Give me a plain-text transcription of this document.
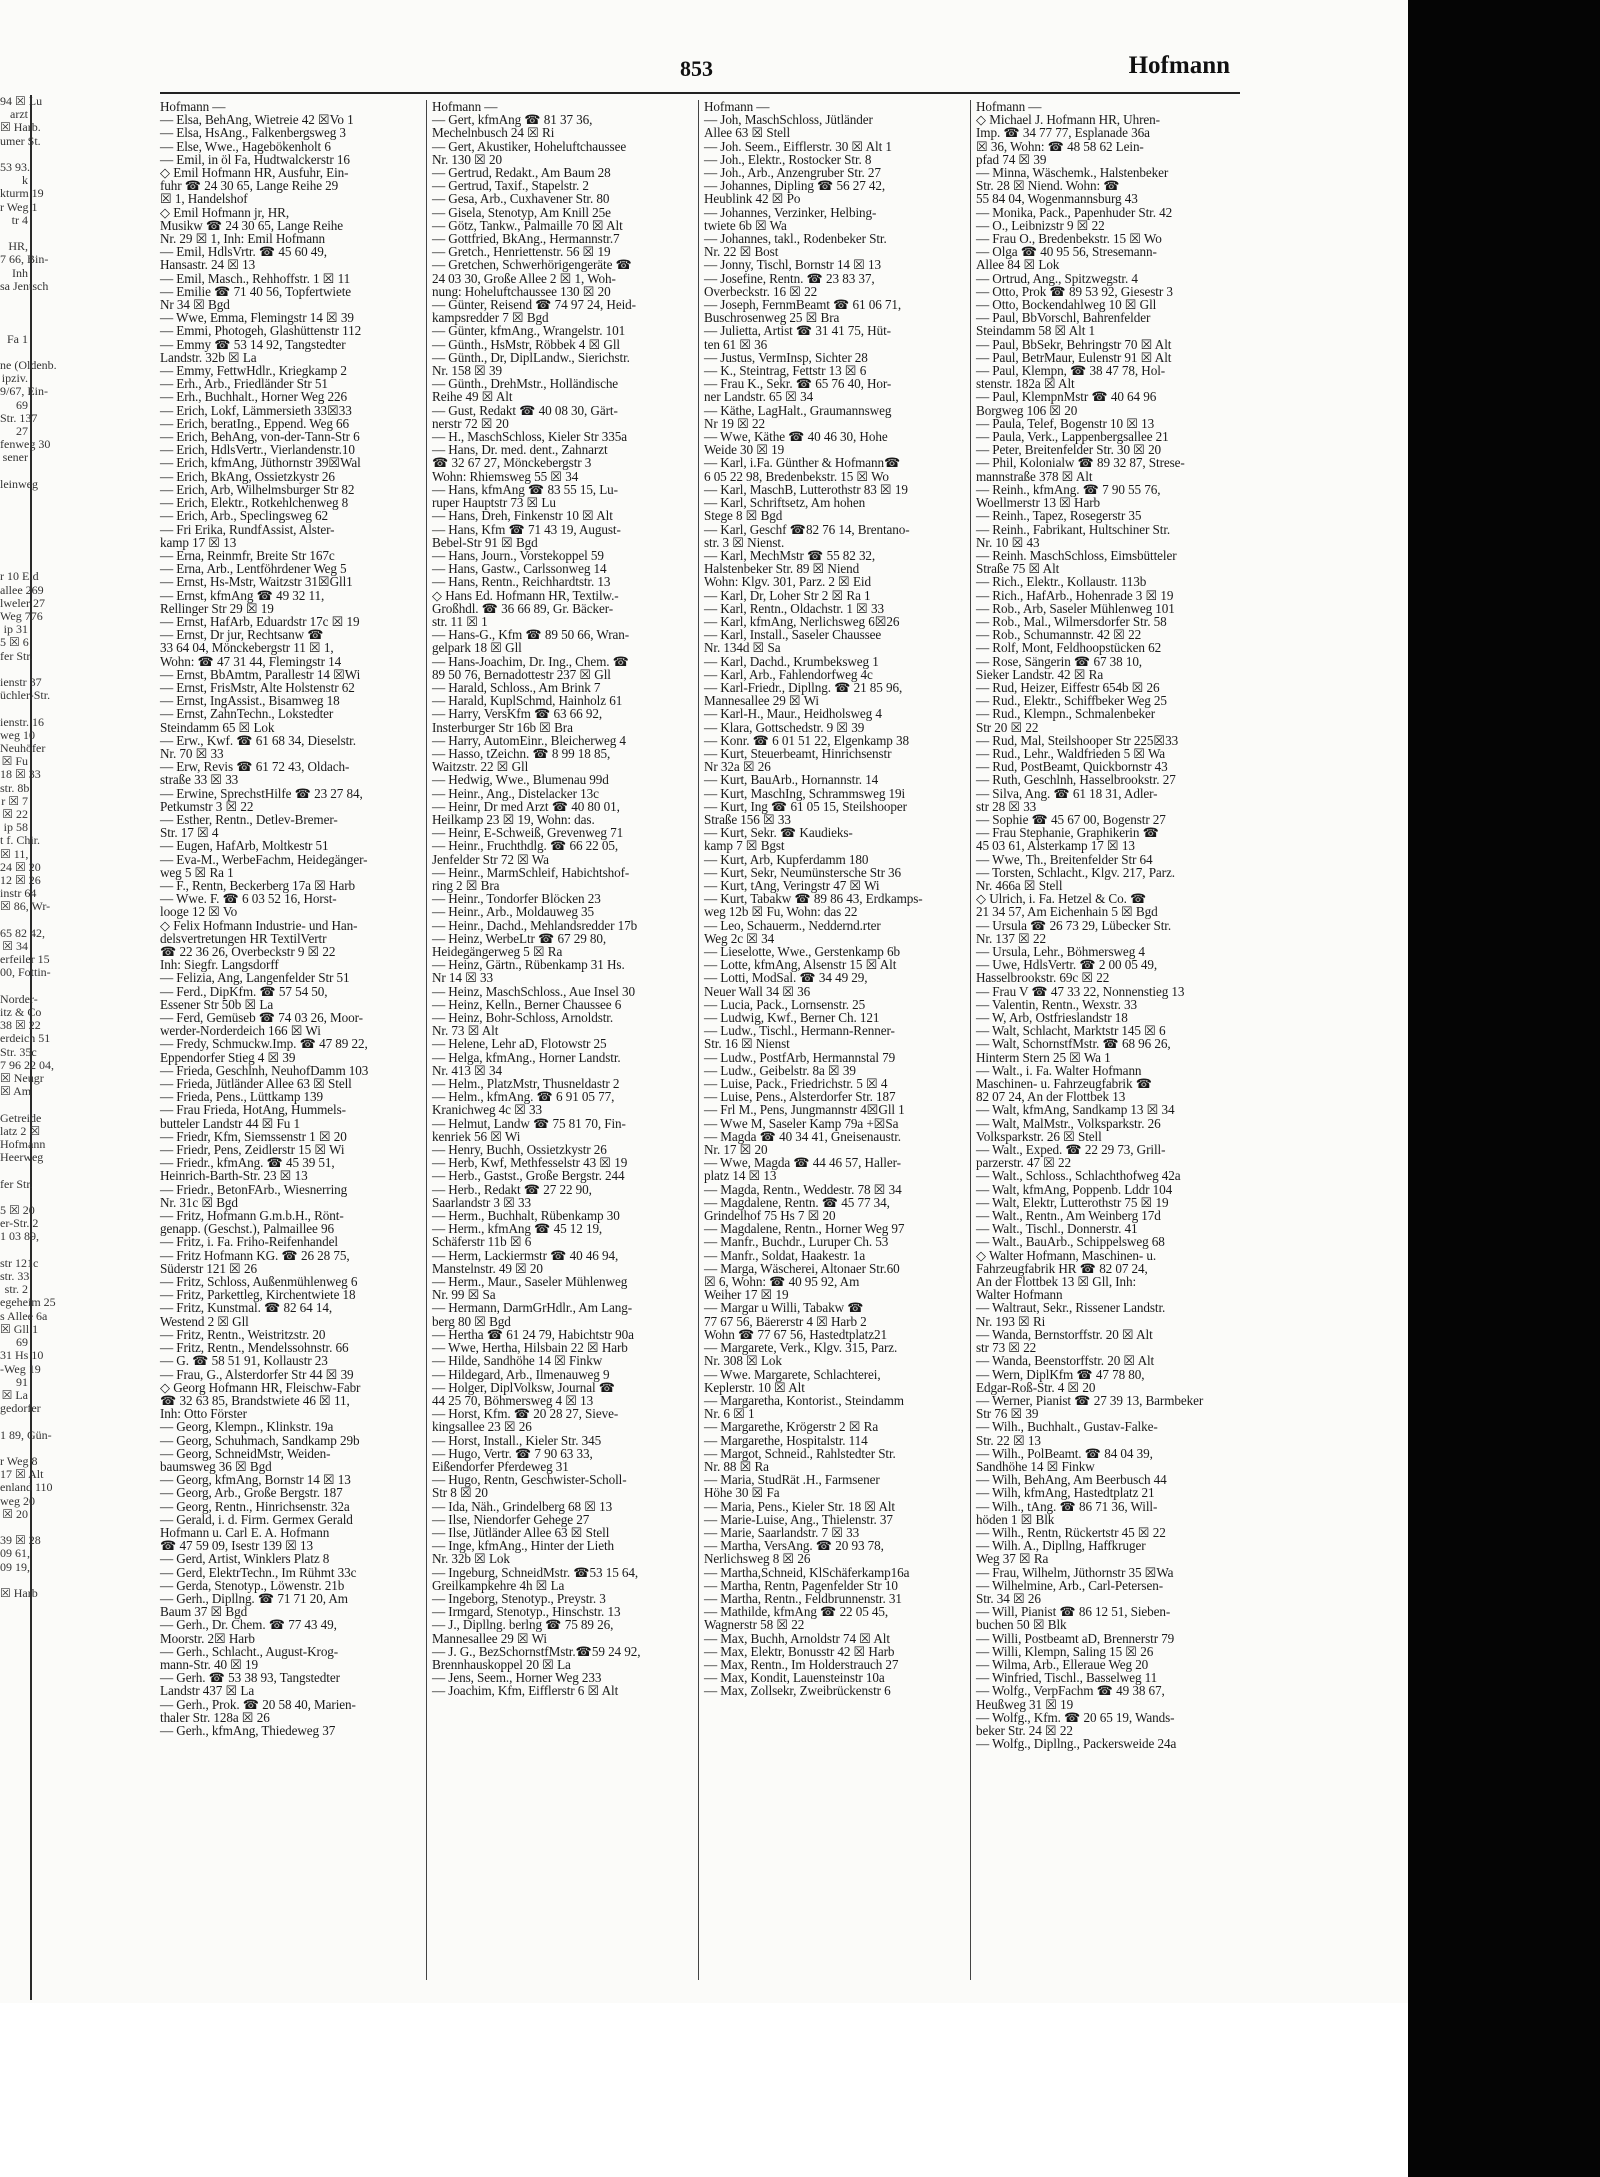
94 ☒ Lu
arzt
☒ Harb.
umer St.

53 93.
k
kturm 19
r Weg 1
tr 4

HR,
7 66, Bin-
Inh
sa Jentsch

Fa 1

ne (Oldenb.
ipziv.
9/67, Ein-
69
Str. 137
27
fenweg 30
sener

leinweg

r 10 Eid
allee 269
lweler 27
Weg 776
ip 31
5 ☒ 6
fer Str.

ienstr 37
üchler-Str.

ienstr. 16
weg 10
Neuhöfer
☒ Fu
18 ☒ 33
str. 8b
r ☒ 7
☒ 22
ip 58
t f. Chir.
☒ 11,
24 ☒ 20
12 ☒ 26
instr 64
☒ 86, Wr-

65 82 42,
☒ 34
erfeiler 15
00, Fottin-

Norder-
itz & Co
38 ☒ 22
erdeich 51
Str. 35c
7 96 22 04,
☒ Neugr
☒ Am

Getreide
latz 2 ☒
Hofmann
Heerweg

fer Str.

5 ☒ 20
er-Str. 2
1 03 89,

str 121c
str. 33
str. 2
egeheim 25
s Allee 6a
☒ Gll 1
69
31 Hs 10
-Weg 19
91
☒ La
gedorfer

1 89, Gün-

r Weg 8
17 ☒ Alt
enland 110
weg 20
☒ 20

39 ☒ 28
09 61,
09 19,

☒ Harb
853	Hofmann
Hofmann —
— Elsa, BehAng, Wietreie 42 ☒Vo 1
— Elsa, HsAng., Falkenbergsweg 3
— Else, Wwe., Hagebökenholt 6
— Emil, in öl Fa, Hudtwalckerstr 16
◇ Emil Hofmann HR, Ausfuhr, Ein-
fuhr ☎ 24 30 65, Lange Reihe 29
☒ 1, Handelshof
◇ Emil Hofmann jr, HR,
Musikw ☎ 24 30 65, Lange Reihe
Nr. 29 ☒ 1, Inh: Emil Hofmann
— Emil, HdlsVrtr. ☎ 45 60 49,
Hansastr. 24 ☒ 13
— Emil, Masch., Rehhoffstr. 1 ☒ 11
— Emilie ☎ 71 40 56, Topfertwiete
Nr 34 ☒ Bgd
— Wwe, Emma, Flemingstr 14 ☒ 39
— Emmi, Photogeh, Glashüttenstr 112
— Emmy ☎ 53 14 92, Tangstedter
Landstr. 32b ☒ La
— Emmy, FettwHdlr., Kriegkamp 2
— Erh., Arb., Friedländer Str 51
— Erh., Buchhalt., Horner Weg 226
— Erich, Lokf, Lämmersieth 33☒33
— Erich, beratIng., Eppend. Weg 66
— Erich, BehAng, von-der-Tann-Str 6
— Erich, HdlsVertr., Vierlandenstr.10
— Erich, kfmAng, Jüthornstr 39☒Wal
— Erich, BkAng, Ossietzkystr 26
— Erich, Arb, Wilhelmsburger Str 82
— Erich, Elektr., Rotkehlchenweg 8
— Erich, Arb., Speclingsweg 62
— Fri Erika, RundfAssist, Alster-
kamp 17 ☒ 13
— Erna, Reinmfr, Breite Str 167c
— Erna, Arb., Lentföhrdener Weg 5
— Ernst, Hs-Mstr, Waitzstr 31☒Gll1
— Ernst, kfmAng ☎ 49 32 11,
Rellinger Str 29 ☒ 19
— Ernst, HafArb, Eduardstr 17c ☒ 19
— Ernst, Dr jur, Rechtsanw ☎
33 64 04, Mönckebergstr 11 ☒ 1,
Wohn: ☎ 47 31 44, Flemingstr 14
— Ernst, BbAmtm, Parallestr 14 ☒Wi
— Ernst, FrisMstr, Alte Holstenstr 62
— Ernst, IngAssist., Bisamweg 18
— Ernst, ZahnTechn., Lokstedter
Steindamm 65 ☒ Lok
— Erw., Kwf. ☎ 61 68 34, Dieselstr.
Nr. 70 ☒ 33
— Erw, Revis ☎ 61 72 43, Oldach-
straße 33 ☒ 33
— Erwine, SprechstHilfe ☎ 23 27 84,
Petkumstr 3 ☒ 22
— Esther, Rentn., Detlev-Bremer-
Str. 17 ☒ 4
— Eugen, HafArb, Moltkestr 51
— Eva-M., WerbeFachm, Heidegänger-
weg 5 ☒ Ra 1
— F., Rentn, Beckerberg 17a ☒ Harb
— Wwe. F. ☎ 6 03 52 16, Horst-
looge 12 ☒ Vo
◇ Felix Hofmann Industrie- und Han-
delsvertretungen HR TextilVertr
☎ 22 36 26, Overbeckstr 9 ☒ 22
Inh: Siegfr. Langsdorff
— Felizia, Ang, Langenfelder Str 51
— Ferd., DipKfm. ☎ 57 54 50,
Essener Str 50b ☒ La
— Ferd, Gemüseb ☎ 74 03 26, Moor-
werder-Norderdeich 166 ☒ Wi
— Fredy, Schmuckw.Imp. ☎ 47 89 22,
Eppendorfer Stieg 4 ☒ 39
— Frieda, Geschlnh, NeuhofDamm 103
— Frieda, Jütländer Allee 63 ☒ Stell
— Frieda, Pens., Lüttkamp 139
— Frau Frieda, HotAng, Hummels-
butteler Landstr 44 ☒ Fu 1
— Friedr, Kfm, Siemssenstr 1 ☒ 20
— Friedr, Pens, Zeidlerstr 15 ☒ Wi
— Friedr., kfmAng. ☎ 45 39 51,
Heinrich-Barth-Str. 23 ☒ 13
— Friedr., BetonFArb., Wiesnerring
Nr. 31c ☒ Bgd
— Fritz, Hofmann G.m.b.H., Rönt-
genapp. (Geschst.), Palmaillee 96
— Fritz, i. Fa. Friho-Reifenhandel
— Fritz Hofmann KG. ☎ 26 28 75,
Süderstr 121 ☒ 26
— Fritz, Schloss, Außenmühlenweg 6
— Fritz, Parkettleg, Kirchentwiete 18
— Fritz, Kunstmal. ☎ 82 64 14,
Westend 2 ☒ Gll
— Fritz, Rentn., Weistritzstr. 20
— Fritz, Rentn., Mendelssohnstr. 66
— G. ☎ 58 51 91, Kollaustr 23
— Frau, G., Alsterdorfer Str 44 ☒ 39
◇ Georg Hofmann HR, Fleischw-Fabr
☎ 32 63 85, Brandstwiete 46 ☒ 11,
Inh: Otto Förster
— Georg, Klempn., Klinkstr. 19a
— Georg, Schuhmach, Sandkamp 29b
— Georg, SchneidMstr, Weiden-
baumsweg 36 ☒ Bgd
— Georg, kfmAng, Bornstr 14 ☒ 13
— Georg, Arb., Große Bergstr. 187
— Georg, Rentn., Hinrichsenstr. 32a
— Gerald, i. d. Firm. Germex Gerald
Hofmann u. Carl E. A. Hofmann
☎ 47 59 09, Isestr 139 ☒ 13
— Gerd, Artist, Winklers Platz 8
— Gerd, ElektrTechn., Im Rühmt 33c
— Gerda, Stenotyp., Löwenstr. 21b
— Gerh., Dipllng. ☎ 71 71 20, Am
Baum 37 ☒ Bgd
— Gerh., Dr. Chem. ☎ 77 43 49,
Moorstr. 2☒ Harb
— Gerh., Schlacht., August-Krog-
mann-Str. 40 ☒ 19
— Gerh. ☎ 53 38 93, Tangstedter
Landstr 437 ☒ La
— Gerh., Prok. ☎ 20 58 40, Marien-
thaler Str. 128a ☒ 26
— Gerh., kfmAng, Thiedeweg 37
Hofmann —
— Gert, kfmAng ☎ 81 37 36,
Mechelnbusch 24 ☒ Ri
— Gert, Akustiker, Hoheluftchaussee
Nr. 130 ☒ 20
— Gertrud, Redakt., Am Baum 28
— Gertrud, Taxif., Stapelstr. 2
— Gesa, Arb., Cuxhavener Str. 80
— Gisela, Stenotyp, Am Knill 25e
— Götz, Tankw., Palmaille 70 ☒ Alt
— Gottfried, BkAng., Hermannstr.7
— Gretch., Henriettenstr. 56 ☒ 19
— Gretchen, Schwerhörigengeräte ☎
24 03 30, Große Allee 2 ☒ 1, Woh-
nung: Hoheluftchaussee 130 ☒ 20
— Günter, Reisend ☎ 74 97 24, Heid-
kampsredder 7 ☒ Bgd
— Günter, kfmAng., Wrangelstr. 101
— Günth., HsMstr, Röbbek 4 ☒ Gll
— Günth., Dr, DiplLandw., Sierichstr.
Nr. 158 ☒ 39
— Günth., DrehMstr., Holländische
Reihe 49 ☒ Alt
— Gust, Redakt ☎ 40 08 30, Gärt-
nerstr 72 ☒ 20
— H., MaschSchloss, Kieler Str 335a
— Hans, Dr. med. dent., Zahnarzt
☎ 32 67 27, Mönckebergstr 3
Wohn: Rhiemsweg 55 ☒ 34
— Hans, kfmAng ☎ 83 55 15, Lu-
ruper Hauptstr 73 ☒ Lu
— Hans, Dreh, Finkenstr 10 ☒ Alt
— Hans, Kfm ☎ 71 43 19, August-
Bebel-Str 91 ☒ Bgd
— Hans, Journ., Vorstekoppel 59
— Hans, Gastw., Carlssonweg 14
— Hans, Rentn., Reichhardtstr. 13
◇ Hans Ed. Hofmann HR, Textilw.-
Großhdl. ☎ 36 66 89, Gr. Bäcker-
str. 11 ☒ 1
— Hans-G., Kfm ☎ 89 50 66, Wran-
gelpark 18 ☒ Gll
— Hans-Joachim, Dr. Ing., Chem. ☎
89 50 76, Bernadottestr 237 ☒ Gll
— Harald, Schloss., Am Brink 7
— Harald, KuplSchmd, Hainholz 61
— Harry, VersKfm ☎ 63 66 92,
Insterburger Str 16b ☒ Bra
— Harry, AutomEinr., Bleicherweg 4
— Hasso, tZeichn. ☎ 8 99 18 85,
Waitzstr. 22 ☒ Gll
— Hedwig, Wwe., Blumenau 99d
— Heinr., Ang., Distelacker 13c
— Heinr, Dr med Arzt ☎ 40 80 01,
Heilkamp 23 ☒ 19, Wohn: das.
— Heinr, E-Schweiß, Grevenweg 71
— Heinr., Fruchthdlg. ☎ 66 22 05,
Jenfelder Str 72 ☒ Wa
— Heinr., MarmSchleif, Habichtshof-
ring 2 ☒ Bra
— Heinr., Tondorfer Blöcken 23
— Heinr., Arb., Moldauweg 35
— Heinr., Dachd., Mehlandsredder 17b
— Heinz, WerbeLtr ☎ 67 29 80,
Heidegängerweg 5 ☒ Ra
— Heinz, Gärtn., Rübenkamp 31 Hs.
Nr 14 ☒ 33
— Heinz, MaschSchloss., Aue Insel 30
— Heinz, Kelln., Berner Chaussee 6
— Heinz, Bohr-Schloss, Arnoldstr.
Nr. 73 ☒ Alt
— Helene, Lehr aD, Flotowstr 25
— Helga, kfmAng., Horner Landstr.
Nr. 413 ☒ 34
— Helm., PlatzMstr, Thusneldastr 2
— Helm., kfmAng. ☎ 6 91 05 77,
Kranichweg 4c ☒ 33
— Helmut, Landw ☎ 75 81 70, Fin-
kenriek 56 ☒ Wi
— Henry, Buchh, Ossietzkystr 26
— Herb, Kwf, Methfesselstr 43 ☒ 19
— Herb., Gastst., Große Bergstr. 244
— Herb., Redakt ☎ 27 22 90,
Saarlandstr 3 ☒ 33
— Herm., Buchhalt, Rübenkamp 30
— Herm., kfmAng ☎ 45 12 19,
Schäferstr 11b ☒ 6
— Herm, Lackiermstr ☎ 40 46 94,
Manstelnstr. 49 ☒ 20
— Herm., Maur., Saseler Mühlenweg
Nr. 99 ☒ Sa
— Hermann, DarmGrHdlr., Am Lang-
berg 80 ☒ Bgd
— Hertha ☎ 61 24 79, Habichtstr 90a
— Wwe, Hertha, Hilsbain 22 ☒ Harb
— Hilde, Sandhöhe 14 ☒ Finkw
— Hildegard, Arb., Ilmenauweg 9
— Holger, DiplVolksw, Journal ☎
44 25 70, Böhmersweg 4 ☒ 13
— Horst, Kfm. ☎ 20 28 27, Sieve-
kingsallee 23 ☒ 26
— Horst, Install., Kieler Str. 345
— Hugo, Vertr. ☎ 7 90 63 33,
Eißendorfer Pferdeweg 31
— Hugo, Rentn, Geschwister-Scholl-
Str 8 ☒ 20
— Ida, Näh., Grindelberg 68 ☒ 13
— Ilse, Niendorfer Gehege 27
— Ilse, Jütländer Allee 63 ☒ Stell
— Inge, kfmAng., Hinter der Lieth
Nr. 32b ☒ Lok
— Ingeburg, SchneidMstr. ☎53 15 64,
Greilkampkehre 4h ☒ La
— Ingeborg, Stenotyp., Preystr. 3
— Irmgard, Stenotyp., Hinschstr. 13
— J., Dipllng. berlng ☎ 75 89 26,
Mannesallee 29 ☒ Wi
— J. G., BezSchornstfMstr.☎59 24 92,
Brennhauskoppel 20 ☒ La
— Jens, Seem., Horner Weg 233
— Joachim, Kfm, Eifflerstr 6 ☒ Alt
Hofmann —
— Joh, MaschSchloss, Jütländer
Allee 63 ☒ Stell
— Joh. Seem., Eifflerstr. 30 ☒ Alt 1
— Joh., Elektr., Rostocker Str. 8
— Joh., Arb., Anzengruber Str. 27
— Johannes, Dipling ☎ 56 27 42,
Heublink 42 ☒ Po
— Johannes, Verzinker, Helbing-
twiete 6b ☒ Wa
— Johannes, takl., Rodenbeker Str.
Nr. 22 ☒ Bost
— Jonny, Tischl, Bornstr 14 ☒ 13
— Josefine, Rentn. ☎ 23 83 37,
Overbeckstr. 16 ☒ 22
— Joseph, FernmBeamt ☎ 61 06 71,
Buschrosenweg 25 ☒ Bra
— Julietta, Artist ☎ 31 41 75, Hüt-
ten 61 ☒ 36
— Justus, VermInsp, Sichter 28
— K., Steintrag, Fettstr 13 ☒ 6
— Frau K., Sekr. ☎ 65 76 40, Hor-
ner Landstr. 65 ☒ 34
— Käthe, LagHalt., Graumannsweg
Nr 19 ☒ 22
— Wwe, Käthe ☎ 40 46 30, Hohe
Weide 30 ☒ 19
— Karl, i.Fa. Günther & Hofmann☎
6 05 22 98, Bredenbekstr. 15 ☒ Wo
— Karl, MaschB, Lutterothstr 83 ☒ 19
— Karl, Schriftsetz, Am hohen
Stege 8 ☒ Bgd
— Karl, Geschf ☎82 76 14, Brentano-
str. 3 ☒ Nienst.
— Karl, MechMstr ☎ 55 82 32,
Halstenbeker Str. 89 ☒ Niend
Wohn: Klgv. 301, Parz. 2 ☒ Eid
— Karl, Dr, Loher Str 2 ☒ Ra 1
— Karl, Rentn., Oldachstr. 1 ☒ 33
— Karl, kfmAng, Nerlichsweg 6☒26
— Karl, Install., Saseler Chaussee
Nr. 134d ☒ Sa
— Karl, Dachd., Krumbeksweg 1
— Karl, Arb., Fahlendorfweg 4c
— Karl-Friedr., Dipllng. ☎ 21 85 96,
Mannesallee 29 ☒ Wi
— Karl-H., Maur., Heidholsweg 4
— Klara, Gottschedstr. 9 ☒ 39
— Konr. ☎ 6 01 51 22, Elgenkamp 38
— Kurt, Steuerbeamt, Hinrichsenstr
Nr 32a ☒ 26
— Kurt, BauArb., Hornannstr. 14
— Kurt, MaschIng, Schrammsweg 19i
— Kurt, Ing ☎ 61 05 15, Steilshooper
Straße 156 ☒ 33
— Kurt, Sekr. ☎ Kaudieks-
kamp 7 ☒ Bgst
— Kurt, Arb, Kupferdamm 180
— Kurt, Sekr, Neumünstersche Str 36
— Kurt, tAng, Veringstr 47 ☒ Wi
— Kurt, Tabakw ☎ 89 86 43, Erdkamps-
weg 12b ☒ Fu, Wohn: das 22
— Leo, Schauerm., Neddernd.rter
Weg 2c ☒ 34
— Lieselotte, Wwe., Gerstenkamp 6b
— Lotte, kfmAng, Alsenstr 15 ☒ Alt
— Lotti, ModSal. ☎ 34 49 29,
Neuer Wall 34 ☒ 36
— Lucia, Pack., Lornsenstr. 25
— Ludwig, Kwf., Berner Ch. 121
— Ludw., Tischl., Hermann-Renner-
Str. 16 ☒ Nienst
— Ludw., PostfArb, Hermannstal 79
— Ludw., Geibelstr. 8a ☒ 39
— Luise, Pack., Friedrichstr. 5 ☒ 4
— Luise, Pens., Alsterdorfer Str. 187
— Frl M., Pens, Jungmannstr 4☒Gll 1
— Wwe M, Saseler Kamp 79a +☒Sa
— Magda ☎ 40 34 41, Gneisenaustr.
Nr. 17 ☒ 20
— Wwe, Magda ☎ 44 46 57, Haller-
platz 14 ☒ 13
— Magda, Rentn., Weddestr. 78 ☒ 34
— Magdalene, Rentn. ☎ 45 77 34,
Grindelhof 75 Hs 7 ☒ 20
— Magdalene, Rentn., Horner Weg 97
— Manfr., Buchdr., Luruper Ch. 53
— Manfr., Soldat, Haakestr. 1a
— Marga, Wäscherei, Altonaer Str.60
☒ 6, Wohn: ☎ 40 95 92, Am
Weiher 17 ☒ 19
— Margar u Willi, Tabakw ☎
77 67 56, Bäererstr 4 ☒ Harb 2
Wohn ☎ 77 67 56, Hastedtplatz21
— Margarete, Verk., Klgv. 315, Parz.
Nr. 308 ☒ Lok
— Wwe. Margarete, Schlachterei,
Keplerstr. 10 ☒ Alt
— Margaretha, Kontorist., Steindamm
Nr. 6 ☒ 1
— Margarethe, Krögerstr 2 ☒ Ra
— Margarethe, Hospitalstr. 114
— Margot, Schneid., Rahlstedter Str.
Nr. 88 ☒ Ra
— Maria, StudRät .H., Farmsener
Höhe 30 ☒ Fa
— Maria, Pens., Kieler Str. 18 ☒ Alt
— Marie-Luise, Ang., Thielenstr. 37
— Marie, Saarlandstr. 7 ☒ 33
— Martha, VersAng. ☎ 20 93 78,
Nerlichsweg 8 ☒ 26
— Martha,Schneid, KlSchäferkamp16a
— Martha, Rentn, Pagenfelder Str 10
— Martha, Rentn., Feldbrunnenstr. 31
— Mathilde, kfmAng ☎ 22 05 45,
Wagnerstr 58 ☒ 22
— Max, Buchh, Arnoldstr 74 ☒ Alt
— Max, Elektr, Bonusstr 42 ☒ Harb
— Max, Rentn., Im Holderstrauch 27
— Max, Kondit, Lauensteinstr 10a
— Max, Zollsekr, Zweibrückenstr 6
Hofmann —
◇ Michael J. Hofmann HR, Uhren-
Imp. ☎ 34 77 77, Esplanade 36a
☒ 36, Wohn: ☎ 48 58 62 Lein-
pfad 74 ☒ 39
— Minna, Wäschemk., Halstenbeker
Str. 28 ☒ Niend. Wohn: ☎
55 84 04, Wogenmannsburg 43
— Monika, Pack., Papenhuder Str. 42
— O., Leibnizstr 9 ☒ 22
— Frau O., Bredenbekstr. 15 ☒ Wo
— Olga ☎ 40 95 56, Stresemann-
Allee 84 ☒ Lok
— Ortrud, Ang., Spitzwegstr. 4
— Otto, Prok ☎ 89 53 92, Giesestr 3
— Otto, Bockendahlweg 10 ☒ Gll
— Paul, BbVorschl, Bahrenfelder
Steindamm 58 ☒ Alt 1
— Paul, BbSekr, Behringstr 70 ☒ Alt
— Paul, BetrMaur, Eulenstr 91 ☒ Alt
— Paul, Klempn, ☎ 38 47 78, Hol-
stenstr. 182a ☒ Alt
— Paul, KlempnMstr ☎ 40 64 96
Borgweg 106 ☒ 20
— Paula, Telef, Bogenstr 10 ☒ 13
— Paula, Verk., Lappenbergsallee 21
— Peter, Breitenfelder Str. 30 ☒ 20
— Phil, Kolonialw ☎ 89 32 87, Strese-
mannstraße 378 ☒ Alt
— Reinh., kfmAng. ☎ 7 90 55 76,
Woellmerstr 13 ☒ Harb
— Reinh., Tapez, Rosegerstr 35
— Reinh., Fabrikant, Hultschiner Str.
Nr. 10 ☒ 43
— Reinh. MaschSchloss, Eimsbütteler
Straße 75 ☒ Alt
— Rich., Elektr., Kollaustr. 113b
— Rich., HafArb., Hohenrade 3 ☒ 19
— Rob., Arb, Saseler Mühlenweg 101
— Rob., Mal., Wilmersdorfer Str. 58
— Rob., Schumannstr. 42 ☒ 22
— Rolf, Mont, Feldhoopstücken 62
— Rose, Sängerin ☎ 67 38 10,
Sieker Landstr. 42 ☒ Ra
— Rud, Heizer, Eiffestr 654b ☒ 26
— Rud., Elektr., Schiffbeker Weg 25
— Rud., Klempn., Schmalenbeker
Str 20 ☒ 22
— Rud, Mal, Steilshooper Str 225☒33
— Rud., Lehr., Waldfrieden 5 ☒ Wa
— Rud, PostBeamt, Quickbornstr 43
— Ruth, Geschlnh, Hasselbrookstr. 27
— Silva, Ang. ☎ 61 18 31, Adler-
str 28 ☒ 33
— Sophie ☎ 45 67 00, Bogenstr 27
— Frau Stephanie, Graphikerin ☎
45 03 61, Alsterkamp 17 ☒ 13
— Wwe, Th., Breitenfelder Str 64
— Torsten, Schlacht., Klgv. 217, Parz.
Nr. 466a ☒ Stell
◇ Ulrich, i. Fa. Hetzel & Co. ☎
21 34 57, Am Eichenhain 5 ☒ Bgd
— Ursula ☎ 26 73 29, Lübecker Str.
Nr. 137 ☒ 22
— Ursula, Lehr., Böhmersweg 4
— Uwe, HdlsVertr. ☎ 2 00 05 49,
Hasselbrookstr. 69c ☒ 22
— Frau V ☎ 47 33 22, Nonnenstieg 13
— Valentin, Rentn., Wexstr. 33
— W, Arb, Ostfrieslandstr 18
— Walt, Schlacht, Marktstr 145 ☒ 6
— Walt, SchornstfMstr. ☎ 68 96 26,
Hinterm Stern 25 ☒ Wa 1
— Walt., i. Fa. Walter Hofmann
Maschinen- u. Fahrzeugfabrik ☎
82 07 24, An der Flottbek 13
— Walt, kfmAng, Sandkamp 13 ☒ 34
— Walt, MalMstr., Volksparkstr. 26
Volksparkstr. 26 ☒ Stell
— Walt., Exped. ☎ 22 29 73, Grill-
parzerstr. 47 ☒ 22
— Walt., Schloss., Schlachthofweg 42a
— Walt, kfmAng, Poppenb. Lddr 104
— Walt, Elektr, Lutterothstr 75 ☒ 19
— Walt., Rentn., Am Weinberg 17d
— Walt., Tischl., Donnerstr. 41
— Walt., BauArb., Schippelsweg 68
◇ Walter Hofmann, Maschinen- u.
Fahrzeugfabrik HR ☎ 82 07 24,
An der Flottbek 13 ☒ Gll, Inh:
Walter Hofmann
— Waltraut, Sekr., Rissener Landstr.
Nr. 193 ☒ Ri
— Wanda, Bernstorffstr. 20 ☒ Alt
str 73 ☒ 22
— Wanda, Beenstorffstr. 20 ☒ Alt
— Wern, DiplKfm ☎ 47 78 80,
Edgar-Roß-Str. 4 ☒ 20
— Werner, Pianist ☎ 27 39 13, Barmbeker
Str 76 ☒ 39
— Wilh., Buchhalt., Gustav-Falke-
Str. 22 ☒ 13
— Wilh., PolBeamt. ☎ 84 04 39,
Sandhöhe 14 ☒ Finkw
— Wilh, BehAng, Am Beerbusch 44
— Wilh, kfmAng, Hastedtplatz 21
— Wilh., tAng. ☎ 86 71 36, Will-
höden 1 ☒ Blk
— Wilh., Rentn, Rückertstr 45 ☒ 22
— Wilh. A., Dipllng, Haffkruger
Weg 37 ☒ Ra
— Frau, Wilhelm, Jüthornstr 35 ☒Wa
— Wilhelmine, Arb., Carl-Petersen-
Str. 34 ☒ 26
— Will, Pianist ☎ 86 12 51, Sieben-
buchen 50 ☒ Blk
— Willi, Postbeamt aD, Brennerstr 79
— Willi, Klempn, Saling 15 ☒ 26
— Wilma, Arb., Elleraue Weg 20
— Winfried, Tischl., Basselweg 11
— Wolfg., VerpFachm ☎ 49 38 67,
Heußweg 31 ☒ 19
— Wolfg., Kfm. ☎ 20 65 19, Wands-
beker Str. 24 ☒ 22
— Wolfg., Dipllng., Packersweide 24a
